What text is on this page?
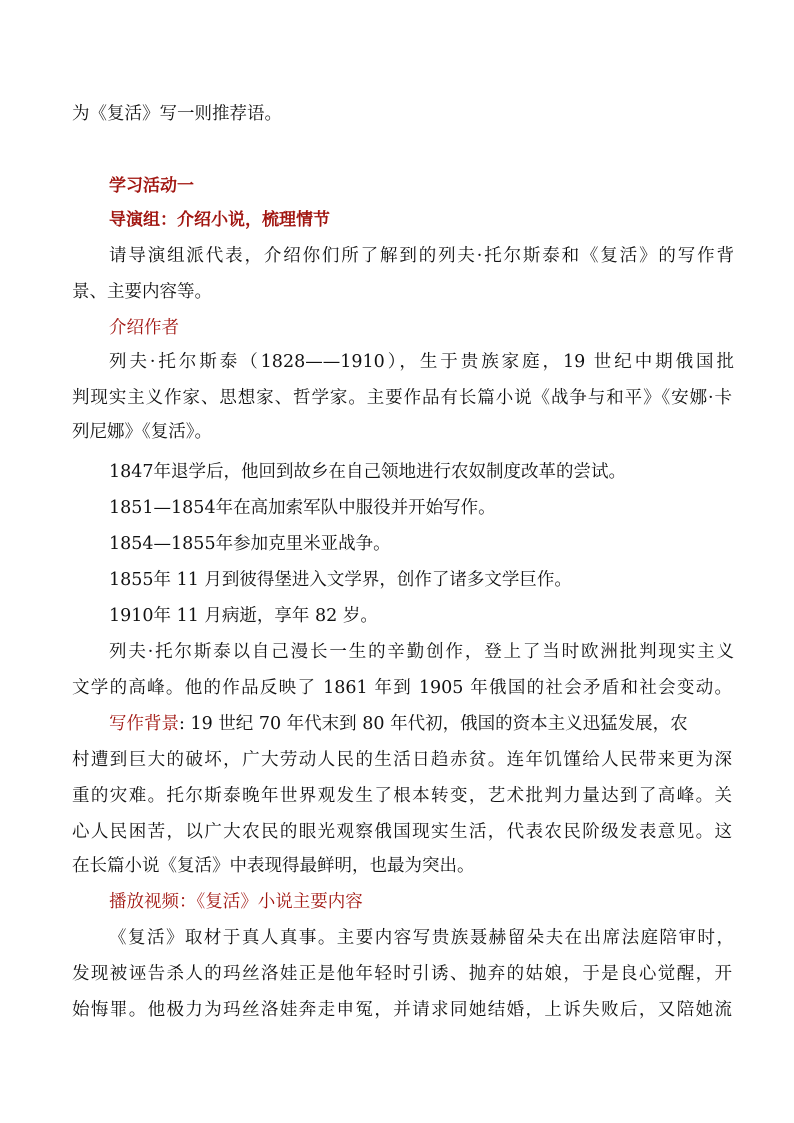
为《复活》写一则推荐语。
学习活动一
导演组：介绍小说，梳理情节
请导演组派代表，介绍你们所了解到的列夫·托尔斯泰和《复活》的写作背
景、主要内容等。
介绍作者
列夫·托尔斯泰（1828——1910），生于贵族家庭，19 世纪中期俄国批
判现实主义作家、思想家、哲学家。主要作品有长篇小说《战争与和平》《安娜·卡
列尼娜》《复活》。
1847年退学后，他回到故乡在自己领地进行农奴制度改革的尝试。
1851—1854年在高加索军队中服役并开始写作。
1854—1855年参加克里米亚战争。
1855年 11 月到彼得堡进入文学界，创作了诸多文学巨作。
1910年 11 月病逝，享年 82 岁。
列夫·托尔斯泰以自己漫长一生的辛勤创作，登上了当时欧洲批判现实主义
文学的高峰。他的作品反映了 1861 年到 1905 年俄国的社会矛盾和社会变动。
写作背景: 19 世纪 70 年代末到 80 年代初，俄国的资本主义迅猛发展，农
村遭到巨大的破坏，广大劳动人民的生活日趋赤贫。连年饥馑给人民带来更为深
重的灾难。托尔斯泰晚年世界观发生了根本转变，艺术批判力量达到了高峰。关
心人民困苦，以广大农民的眼光观察俄国现实生活，代表农民阶级发表意见。这
在长篇小说《复活》中表现得最鲜明，也最为突出。
播放视频：《复活》小说主要内容
《复活》取材于真人真事。主要内容写贵族聂赫留朵夫在出席法庭陪审时，
发现被诬告杀人的玛丝洛娃正是他年轻时引诱、抛弃的姑娘，于是良心觉醒，开
始悔罪。他极力为玛丝洛娃奔走申冤，并请求同她结婚，上诉失败后，又陪她流
